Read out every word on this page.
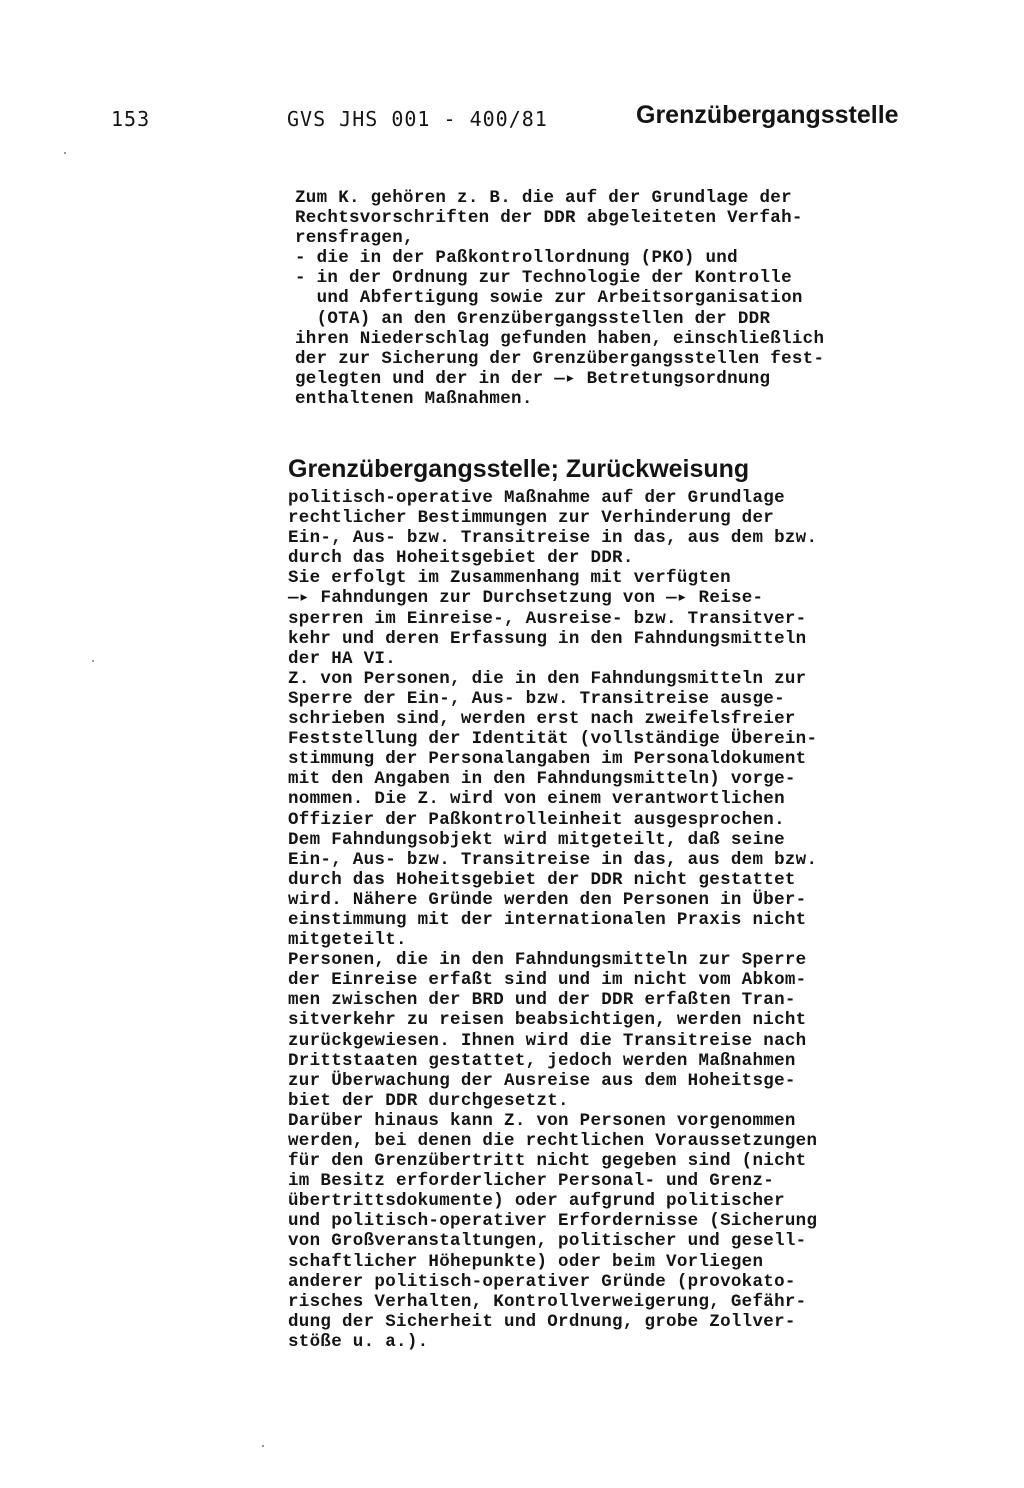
153	GVS JHS 001 - 400/81	Grenzübergangsstelle
Zum K. gehören z. B. die auf der Grundlage der
Rechtsvorschriften der DDR abgeleiteten Verfah-
rensfragen,
- die in der Paßkontrollordnung (PKO) und
- in der Ordnung zur Technologie der Kontrolle
und Abfertigung sowie zur Arbeitsorganisation
(OTA) an den Grenzübergangsstellen der DDR
ihren Niederschlag gefunden haben, einschließlich
der zur Sicherung der Grenzübergangsstellen fest-
gelegten und der in der —▸ Betretungsordnung
enthaltenen Maßnahmen.
Grenzübergangsstelle; Zurückweisung
politisch-operative Maßnahme auf der Grundlage
rechtlicher Bestimmungen zur Verhinderung der
Ein-, Aus- bzw. Transitreise in das, aus dem bzw.
durch das Hoheitsgebiet der DDR.
Sie erfolgt im Zusammenhang mit verfügten
—▸ Fahndungen zur Durchsetzung von —▸ Reise-
sperren im Einreise-, Ausreise- bzw. Transitver-
kehr und deren Erfassung in den Fahndungsmitteln
der HA VI.
Z. von Personen, die in den Fahndungsmitteln zur
Sperre der Ein-, Aus- bzw. Transitreise ausge-
schrieben sind, werden erst nach zweifelsfreier
Feststellung der Identität (vollständige Überein-
stimmung der Personalangaben im Personaldokument
mit den Angaben in den Fahndungsmitteln) vorge-
nommen. Die Z. wird von einem verantwortlichen
Offizier der Paßkontrolleinheit ausgesprochen.
Dem Fahndungsobjekt wird mitgeteilt, daß seine
Ein-, Aus- bzw. Transitreise in das, aus dem bzw.
durch das Hoheitsgebiet der DDR nicht gestattet
wird. Nähere Gründe werden den Personen in Über-
einstimmung mit der internationalen Praxis nicht
mitgeteilt.
Personen, die in den Fahndungsmitteln zur Sperre
der Einreise erfaßt sind und im nicht vom Abkom-
men zwischen der BRD und der DDR erfaßten Tran-
sitverkehr zu reisen beabsichtigen, werden nicht
zurückgewiesen. Ihnen wird die Transitreise nach
Drittstaaten gestattet, jedoch werden Maßnahmen
zur Überwachung der Ausreise aus dem Hoheitsge-
biet der DDR durchgesetzt.
Darüber hinaus kann Z. von Personen vorgenommen
werden, bei denen die rechtlichen Voraussetzungen
für den Grenzübertritt nicht gegeben sind (nicht
im Besitz erforderlicher Personal- und Grenz-
übertrittsdokumente) oder aufgrund politischer
und politisch-operativer Erfordernisse (Sicherung
von Großveranstaltungen, politischer und gesell-
schaftlicher Höhepunkte) oder beim Vorliegen
anderer politisch-operativer Gründe (provokato-
risches Verhalten, Kontrollverweigerung, Gefähr-
dung der Sicherheit und Ordnung, grobe Zollver-
stöße u. a.).
